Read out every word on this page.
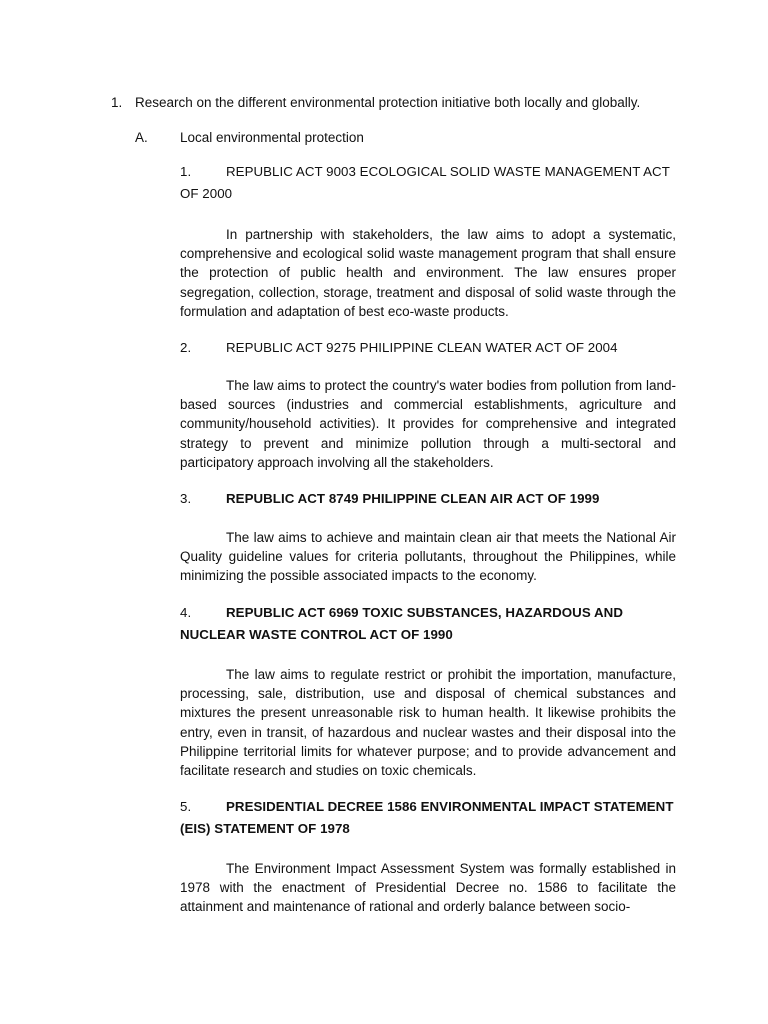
1. Research on the different environmental protection initiative both locally and globally.
A. Local environmental protection

1.	REPUBLIC ACT 9003 ECOLOGICAL SOLID WASTE MANAGEMENT ACT OF 2000

In partnership with stakeholders, the law aims to adopt a systematic, comprehensive and ecological solid waste management program that shall ensure the protection of public health and environment. The law ensures proper segregation, collection, storage, treatment and disposal of solid waste through the formulation and adaptation of best eco-waste products.

2.	REPUBLIC ACT 9275 PHILIPPINE CLEAN WATER ACT OF 2004

The law aims to protect the country's water bodies from pollution from land-based sources (industries and commercial establishments, agriculture and community/household activities). It provides for comprehensive and integrated strategy to prevent and minimize pollution through a multi-sectoral and participatory approach involving all the stakeholders.

3.	REPUBLIC ACT 8749 PHILIPPINE CLEAN AIR ACT OF 1999

The law aims to achieve and maintain clean air that meets the National Air Quality guideline values for criteria pollutants, throughout the Philippines, while minimizing the possible associated impacts to the economy.

4.	REPUBLIC ACT 6969 TOXIC SUBSTANCES, HAZARDOUS AND NUCLEAR WASTE CONTROL ACT OF 1990

The law aims to regulate restrict or prohibit the importation, manufacture, processing, sale, distribution, use and disposal of chemical substances and mixtures the present unreasonable risk to human health. It likewise prohibits the entry, even in transit, of hazardous and nuclear wastes and their disposal into the Philippine territorial limits for whatever purpose; and to provide advancement and facilitate research and studies on toxic chemicals.

5.	PRESIDENTIAL DECREE 1586 ENVIRONMENTAL IMPACT STATEMENT (EIS) STATEMENT OF 1978

The Environment Impact Assessment System was formally established in 1978 with the enactment of Presidential Decree no. 1586 to facilitate the attainment and maintenance of rational and orderly balance between socio-
